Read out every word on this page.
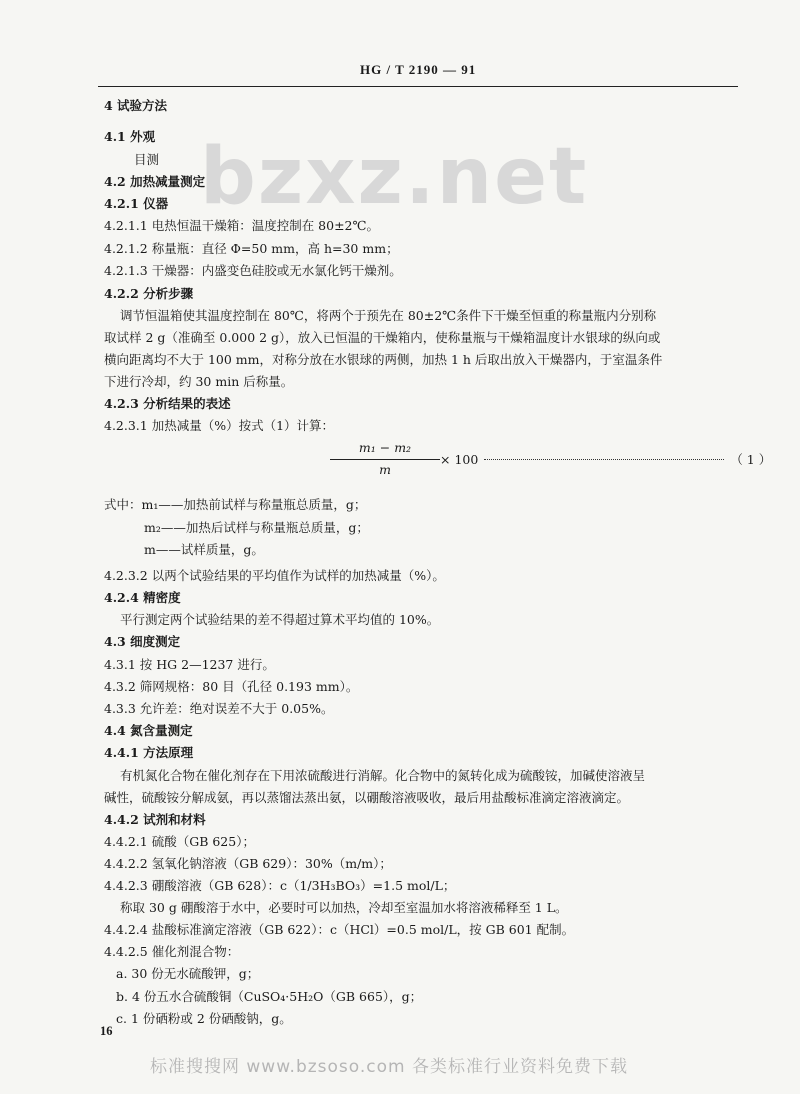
bzxz.net
HG / T 2190 — 91
4 试验方法
4.1 外观
目测
4.2 加热减量测定
4.2.1 仪器
4.2.1.1 电热恒温干燥箱：温度控制在 80±2℃。
4.2.1.2 称量瓶：直径 Φ=50 mm，高 h=30 mm；
4.2.1.3 干燥器：内盛变色硅胶或无水氯化钙干燥剂。
4.2.2 分析步骤
调节恒温箱使其温度控制在 80℃，将两个于预先在 80±2℃条件下干燥至恒重的称量瓶内分别称
取试样 2 g（准确至 0.000 2 g），放入已恒温的干燥箱内，使称量瓶与干燥箱温度计水银球的纵向或
横向距离均不大于 100 mm，对称分放在水银球的两侧，加热 1 h 后取出放入干燥器内，于室温条件
下进行冷却，约 30 min 后称量。
4.2.3 分析结果的表述
4.2.3.1 加热减量（%）按式（1）计算：
式中：m₁——加热前试样与称量瓶总质量，g；
m₂——加热后试样与称量瓶总质量，g；
m——试样质量，g。
4.2.3.2 以两个试验结果的平均值作为试样的加热减量（%）。
4.2.4 精密度
平行测定两个试验结果的差不得超过算术平均值的 10%。
4.3 细度测定
4.3.1 按 HG 2—1237 进行。
4.3.2 筛网规格：80 目（孔径 0.193 mm）。
4.3.3 允许差：绝对误差不大于 0.05%。
4.4 氮含量测定
4.4.1 方法原理
有机氮化合物在催化剂存在下用浓硫酸进行消解。化合物中的氮转化成为硫酸铵，加碱使溶液呈
碱性，硫酸铵分解成氨，再以蒸馏法蒸出氨，以硼酸溶液吸收，最后用盐酸标准滴定溶液滴定。
4.4.2 试剂和材料
4.4.2.1 硫酸（GB 625）；
4.4.2.2 氢氧化钠溶液（GB 629）：30%（m/m）；
4.4.2.3 硼酸溶液（GB 628）：c（1/3H₃BO₃）=1.5 mol/L；
称取 30 g 硼酸溶于水中，必要时可以加热，冷却至室温加水将溶液稀释至 1 L。
4.4.2.4 盐酸标准滴定溶液（GB 622）：c（HCl）=0.5 mol/L，按 GB 601 配制。
4.4.2.5 催化剂混合物：
a. 30 份无水硫酸钾，g；
b. 4 份五水合硫酸铜（CuSO₄·5H₂O（GB 665），g；
c. 1 份硒粉或 2 份硒酸钠，g。
m₁ − m₂
m
× 100	（ 1 ）
16
标准搜搜网 www.bzsoso.com 各类标准行业资料免费下载
